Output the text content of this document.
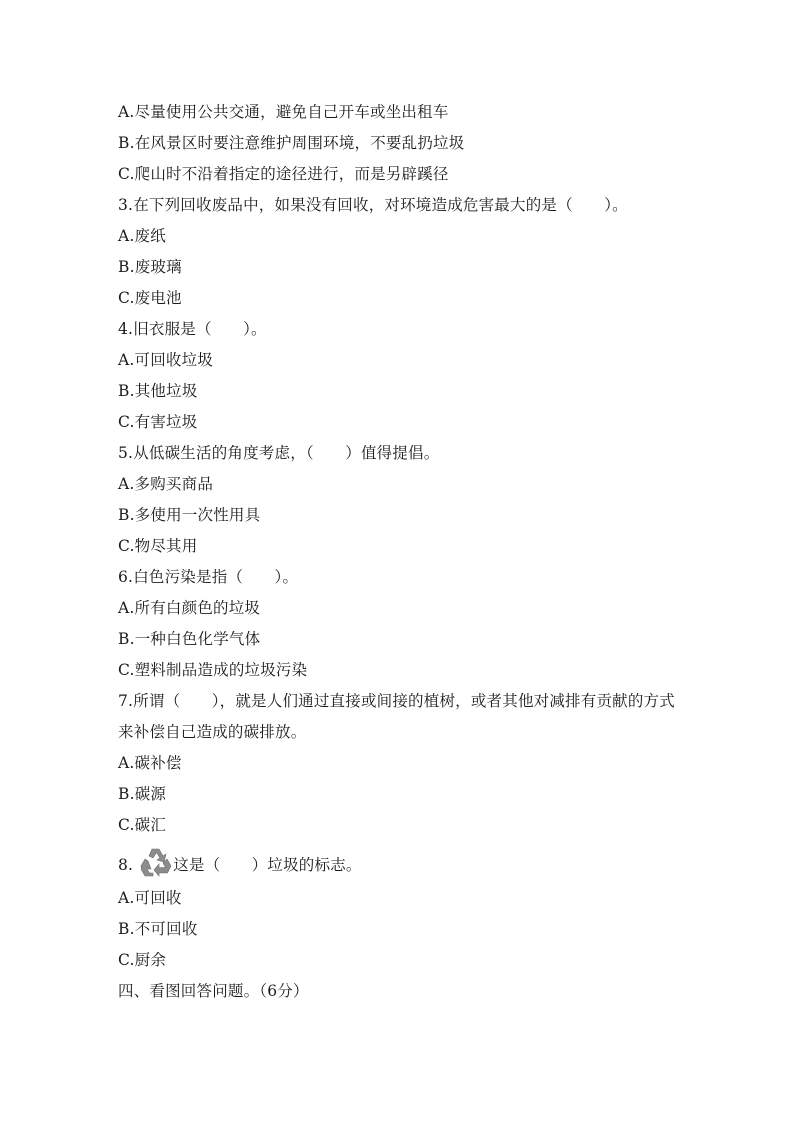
A.尽量使用公共交通，避免自己开车或坐出租车
B.在风景区时要注意维护周围环境，不要乱扔垃圾
C.爬山时不沿着指定的途径进行，而是另辟蹊径
3.在下列回收废品中，如果没有回收，对环境造成危害最大的是（　　）。
A.废纸
B.废玻璃
C.废电池
4.旧衣服是（　　）。
A.可回收垃圾
B.其他垃圾
C.有害垃圾
5.从低碳生活的角度考虑，（　　）值得提倡。
A.多购买商品
B.多使用一次性用具
C.物尽其用
6.白色污染是指（　　）。
A.所有白颜色的垃圾
B.一种白色化学气体
C.塑料制品造成的垃圾污染
7.所谓（　　），就是人们通过直接或间接的植树，或者其他对减排有贡献的方式
来补偿自己造成的碳排放。
A.碳补偿
B.碳源
C.碳汇
8.	这是（　　）垃圾的标志。
A.可回收
B.不可回收
C.厨余
四、看图回答问题。（6分）
